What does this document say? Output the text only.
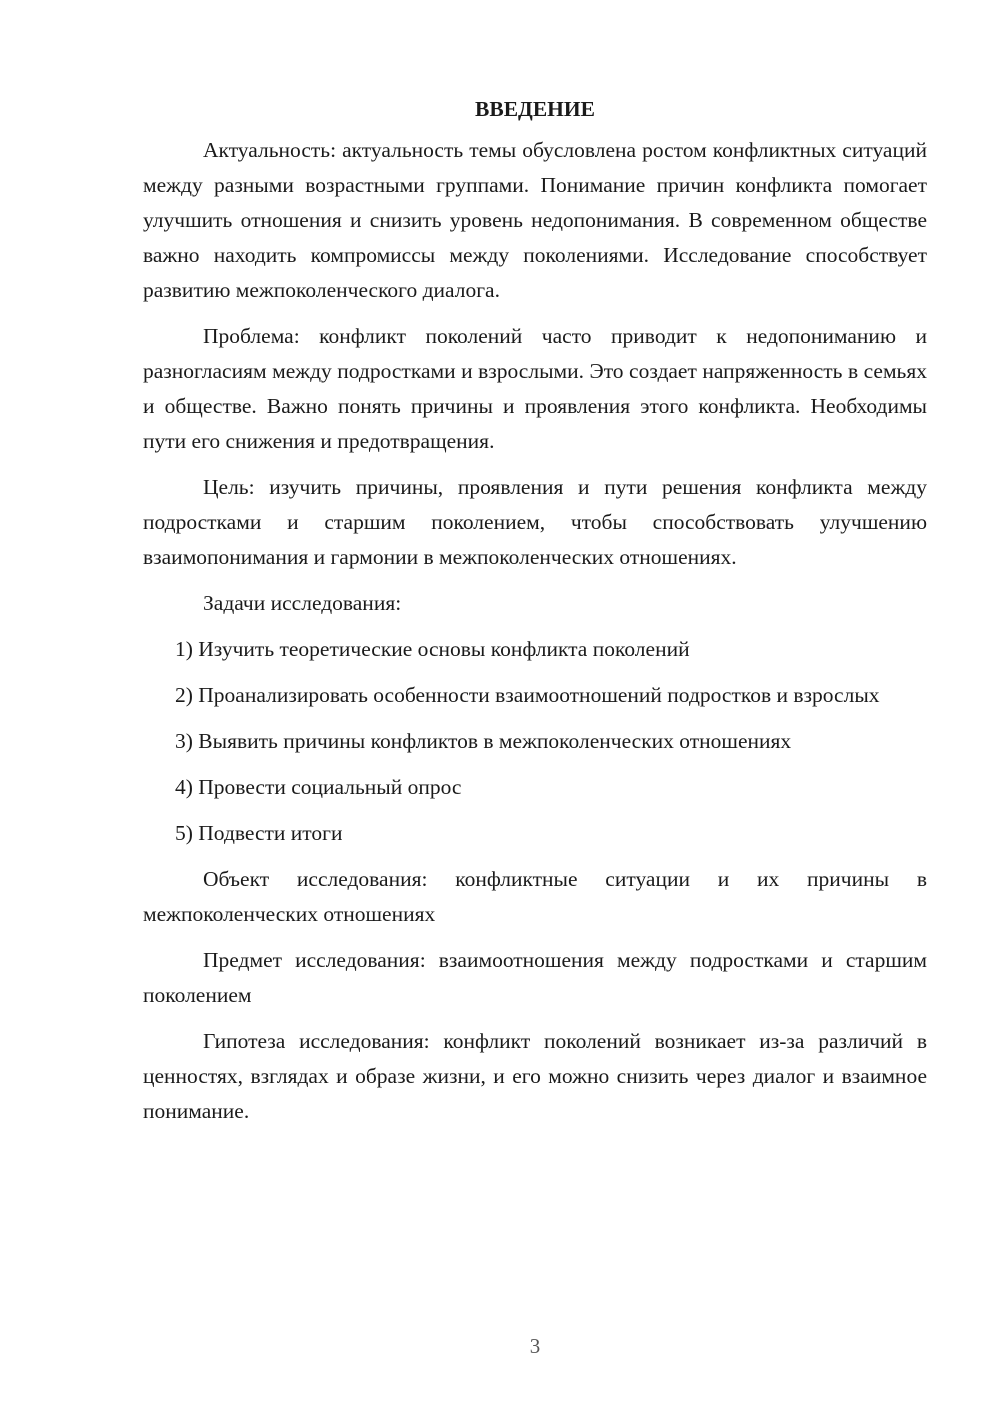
ВВЕДЕНИЕ

Актуальность: актуальность темы обусловлена ростом конфликтных ситуаций между разными возрастными группами. Понимание причин конфликта помогает улучшить отношения и снизить уровень недопонимания. В современном обществе важно находить компромиссы между поколениями. Исследование способствует развитию межпоколенческого диалога.

Проблема: конфликт поколений часто приводит к недопониманию и разногласиям между подростками и взрослыми. Это создает напряженность в семьях и обществе. Важно понять причины и проявления этого конфликта. Необходимы пути его снижения и предотвращения.

Цель: изучить причины, проявления и пути решения конфликта между подростками и старшим поколением, чтобы способствовать улучшению взаимопонимания и гармонии в межпоколенческих отношениях.

Задачи исследования:

1) Изучить теоретические основы конфликта поколений

2) Проанализировать особенности взаимоотношений подростков и взрослых

3) Выявить причины конфликтов в межпоколенческих отношениях

4) Провести социальный опрос

5) Подвести итоги

Объект исследования: конфликтные ситуации и их причины в межпоколенческих отношениях

Предмет исследования: взаимоотношения между подростками и старшим поколением

Гипотеза исследования: конфликт поколений возникает из-за различий в ценностях, взглядах и образе жизни, и его можно снизить через диалог и взаимное понимание.

3
